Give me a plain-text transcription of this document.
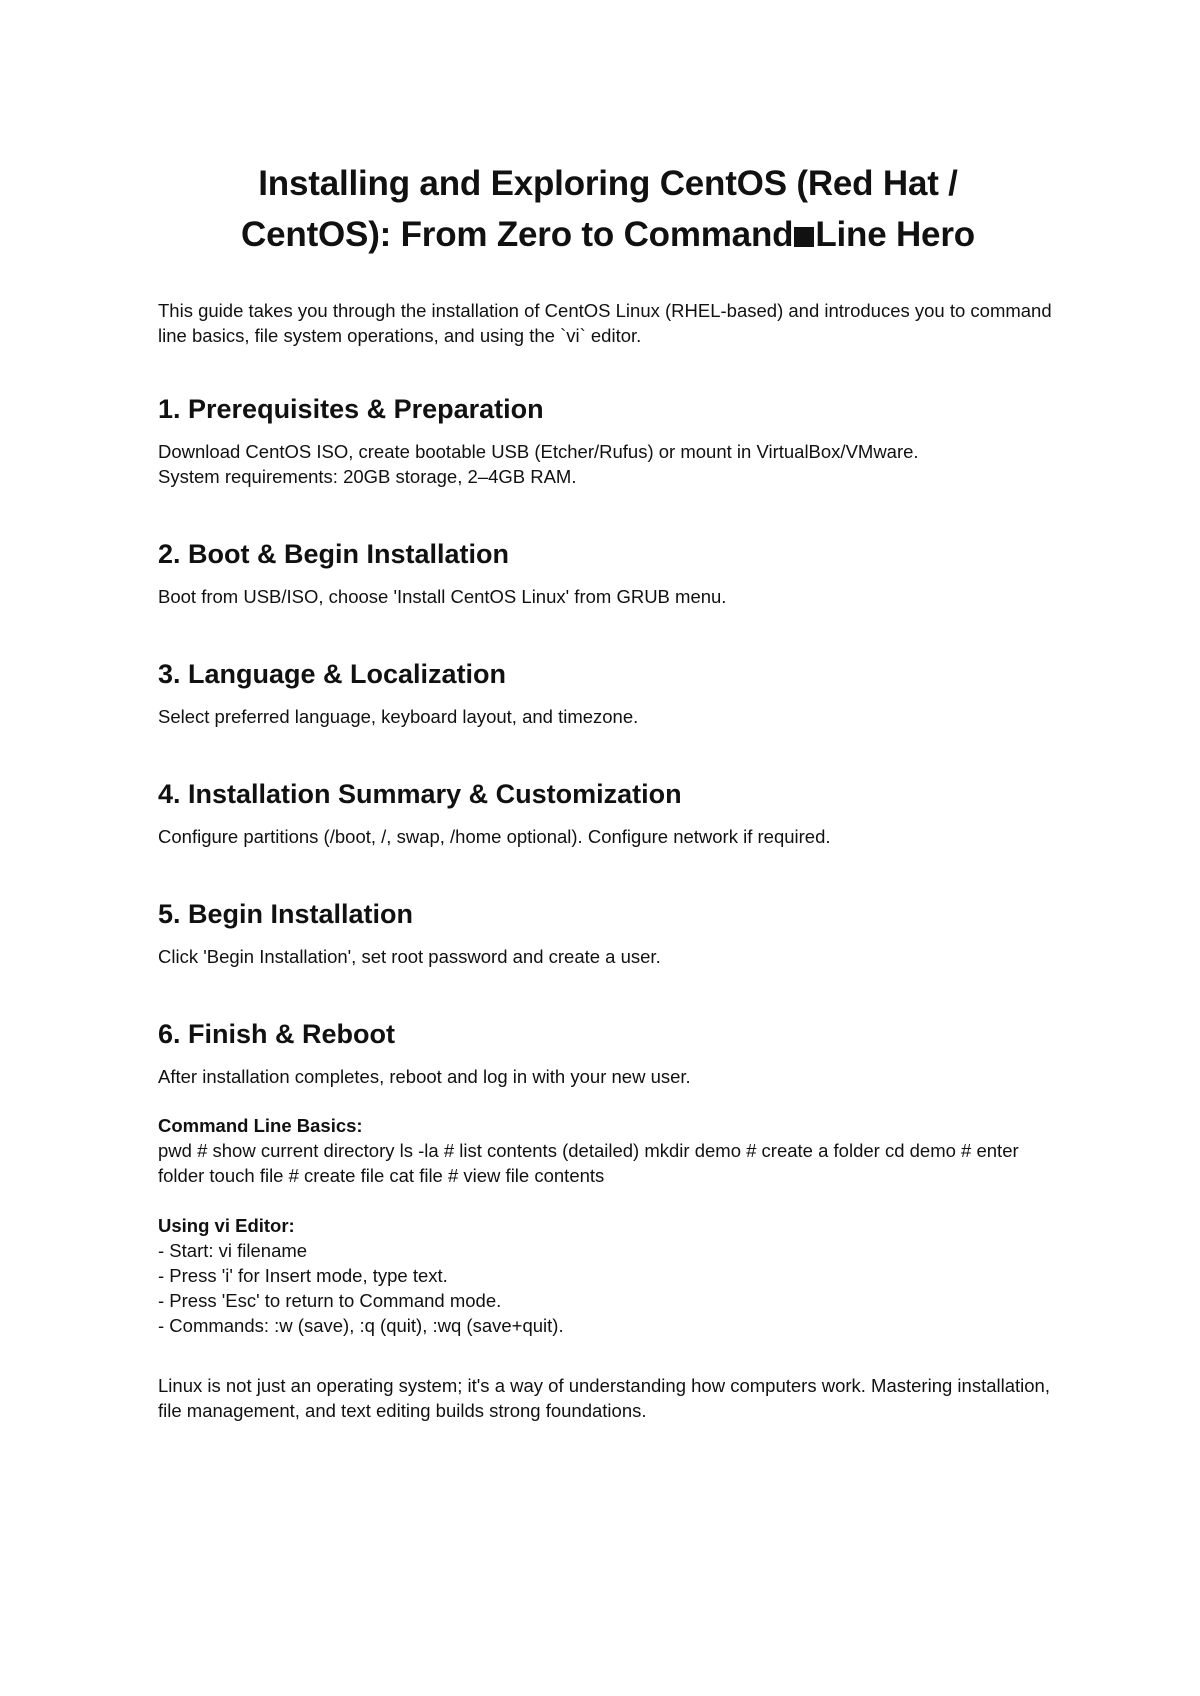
Installing and Exploring CentOS (Red Hat /
CentOS): From Zero to Command Line Hero
This guide takes you through the installation of CentOS Linux (RHEL-based) and introduces you to command line basics, file system operations, and using the `vi` editor.
1. Prerequisites & Preparation

Download CentOS ISO, create bootable USB (Etcher/Rufus) or mount in VirtualBox/VMware.
System requirements: 20GB storage, 2–4GB RAM.

2. Boot & Begin Installation

Boot from USB/ISO, choose 'Install CentOS Linux' from GRUB menu.

3. Language & Localization

Select preferred language, keyboard layout, and timezone.

4. Installation Summary & Customization

Configure partitions (/boot, /, swap, /home optional). Configure network if required.

5. Begin Installation

Click 'Begin Installation', set root password and create a user.

6. Finish & Reboot

After installation completes, reboot and log in with your new user.

Command Line Basics:
pwd # show current directory ls -la # list contents (detailed) mkdir demo # create a folder cd demo # enter folder touch file # create file cat file # view file contents
Using vi Editor:
- Start: vi filename
- Press 'i' for Insert mode, type text.
- Press 'Esc' to return to Command mode.
- Commands: :w (save), :q (quit), :wq (save+quit).
Linux is not just an operating system; it's a way of understanding how computers work. Mastering installation, file management, and text editing builds strong foundations.
